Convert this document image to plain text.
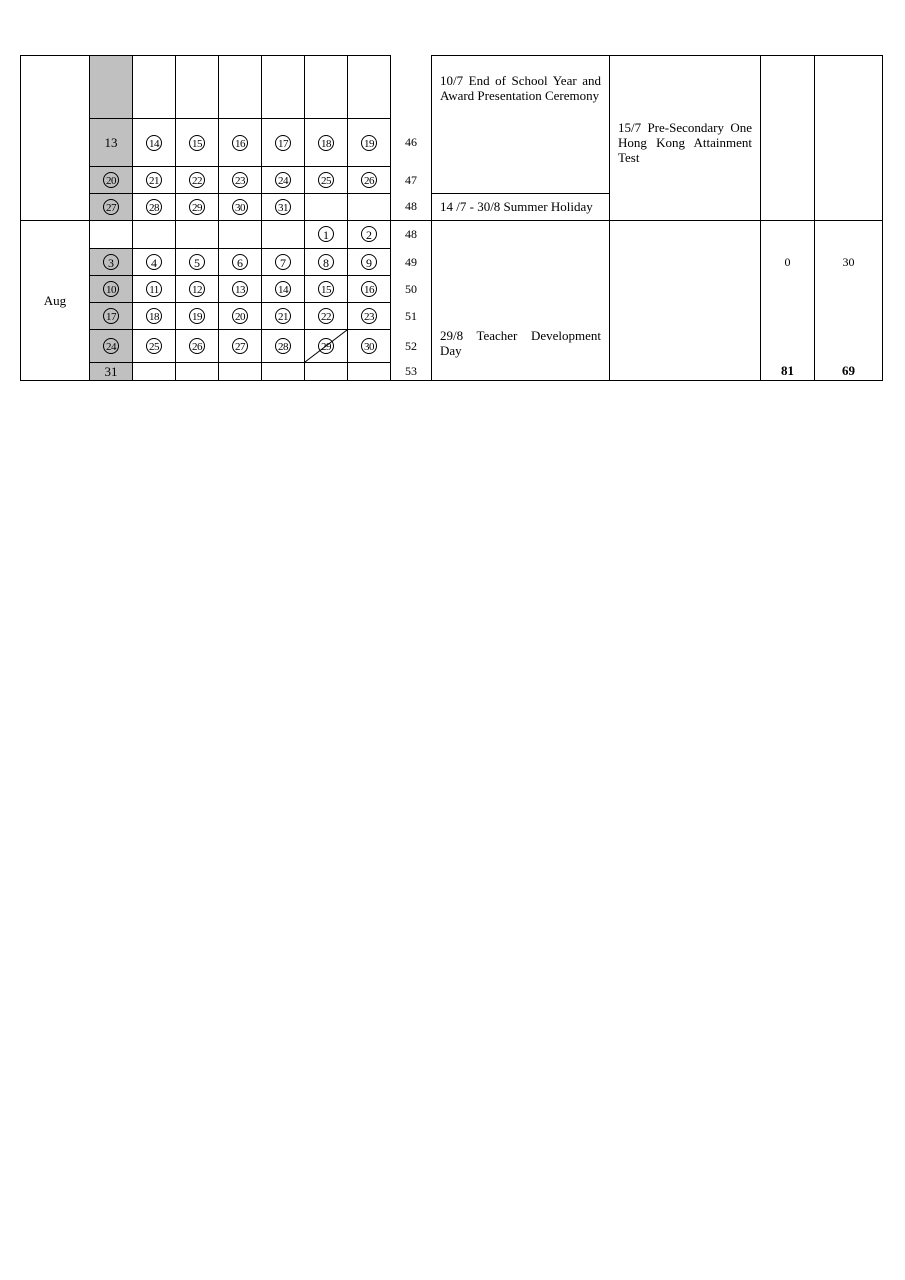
									10/7 End of School Year and Award Presentation Ceremony	15/7 Pre-Secondary One Hong Kong Attainment Test		
	13	14	15	16	17	18	19	46				
	20	21	22	23	24	25	26	47				
	27	28	29	30	31			48	14 /7 - 30/8 Summer Holiday			

Aug						1	2	48	29/8 Teacher Development Day		0	30
	3	4	5	6	7	8	9	49				
	10	11	12	13	14	15	16	50				
	17	18	19	20	21	22	23	51				
	24	25	26	27	28	29	30	52				
	31							53			81	69
